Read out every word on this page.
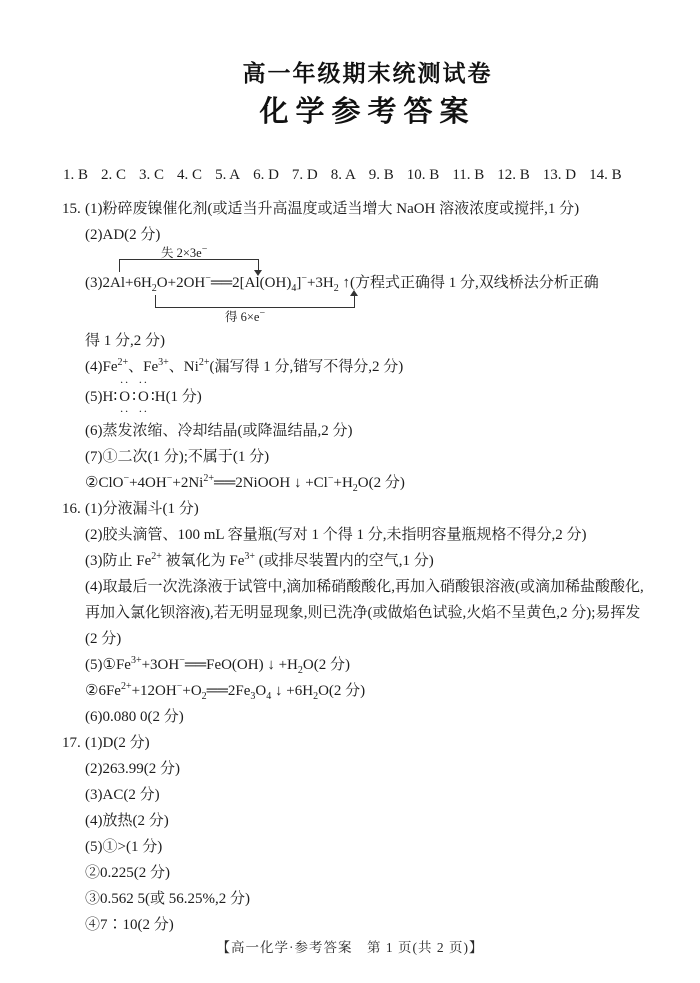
高一年级期末统测试卷
化学参考答案
1. B 2. C 3. C 4. C 5. A 6. D 7. D 8. A 9. B 10. B 11. B 12. B 13. D 14. B
15. (1)粉碎废镍催化剂(或适当升高温度或适当增大 NaOH 溶液浓度或搅拌,1 分)
(2)AD(2 分)
失 2×3e−
$(3)2Al+6H_2O+2OH^-══2[Al(OH)_4]^-+3H_2$ ↑(方程式正确得 1 分,双线桥法分析正确
得 6×e−
得 1 分,2 分)
$(4)Fe^{2+}$、$Fe^{3+}$、$Ni^{2+}$(漏写得 1 分,错写不得分,2 分)
(5)H∶
··
O
··
∶
··
O
··
∶H(1 分)
(6)蒸发浓缩、冷却结晶(或降温结晶,2 分)
(7)①二次(1 分);不属于(1 分)
$②ClO^-+4OH^-+2Ni^{2+}══2NiOOH$ ↓ $+Cl^-+H_2O(2$ 分)
16. (1)分液漏斗(1 分)
(2)胶头滴管、100 mL 容量瓶(写对 1 个得 1 分,未指明容量瓶规格不得分,2 分)
(3)防止 $Fe^{2+}$ 被氧化为 $Fe^{3+}$ (或排尽装置内的空气,1 分)
(4)取最后一次洗涤液于试管中,滴加稀硝酸酸化,再加入硝酸银溶液(或滴加稀盐酸酸化,
再加入氯化钡溶液),若无明显现象,则已洗净(或做焰色试验,火焰不呈黄色,2 分);易挥发
(2 分)
$(5)①Fe^{3+}+3OH^-══FeO(OH)$ ↓ $+H_2O(2$ 分)
$②6Fe^{2+}+12OH^-+O_2══2Fe_3O_4$ ↓ $+6H_2O(2$ 分)
(6)0.080 0(2 分)
17. (1)D(2 分)
(2)263.99(2 分)
(3)AC(2 分)
(4)放热(2 分)
(5)①>(1 分)
②0.225(2 分)
③0.562 5(或 56.25%,2 分)
④7∶10(2 分)
【高一化学·参考答案　第 1 页(共 2 页)】
